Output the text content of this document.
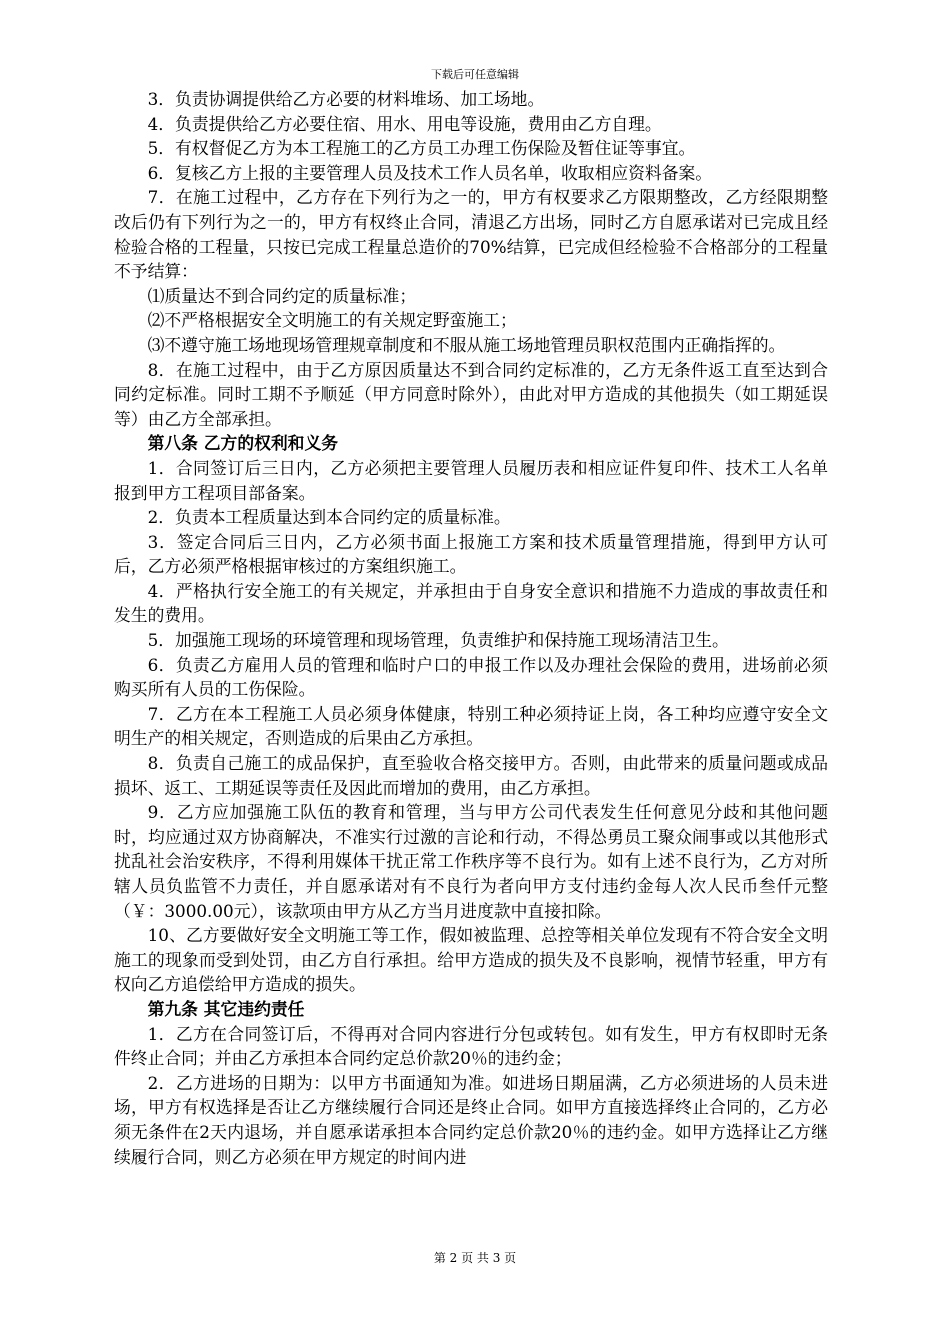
下载后可任意编辑

3．负责协调提供给乙方必要的材料堆场、加工场地。

4．负责提供给乙方必要住宿、用水、用电等设施，费用由乙方自理。

5．有权督促乙方为本工程施工的乙方员工办理工伤保险及暂住证等事宜。

6．复核乙方上报的主要管理人员及技术工作人员名单，收取相应资料备案。

7．在施工过程中，乙方存在下列行为之一的，甲方有权要求乙方限期整改，乙方经限期整改后仍有下列行为之一的，甲方有权终止合同，清退乙方出场，同时乙方自愿承诺对已完成且经检验合格的工程量，只按已完成工程量总造价的70%结算，已完成但经检验不合格部分的工程量不予结算：

⑴质量达不到合同约定的质量标准；

⑵不严格根据安全文明施工的有关规定野蛮施工；

⑶不遵守施工场地现场管理规章制度和不服从施工场地管理员职权范围内正确指挥的。

8．在施工过程中，由于乙方原因质量达不到合同约定标准的，乙方无条件返工直至达到合同约定标准。同时工期不予顺延（甲方同意时除外），由此对甲方造成的其他损失（如工期延误等）由乙方全部承担。

第八条 乙方的权利和义务

1．合同签订后三日内，乙方必须把主要管理人员履历表和相应证件复印件、技术工人名单报到甲方工程项目部备案。

2．负责本工程质量达到本合同约定的质量标准。

3．签定合同后三日内，乙方必须书面上报施工方案和技术质量管理措施，得到甲方认可后，乙方必须严格根据审核过的方案组织施工。

4．严格执行安全施工的有关规定，并承担由于自身安全意识和措施不力造成的事故责任和发生的费用。

5．加强施工现场的环境管理和现场管理，负责维护和保持施工现场清洁卫生。

6．负责乙方雇用人员的管理和临时户口的申报工作以及办理社会保险的费用，进场前必须购买所有人员的工伤保险。

7．乙方在本工程施工人员必须身体健康，特别工种必须持证上岗，各工种均应遵守安全文明生产的相关规定，否则造成的后果由乙方承担。

8．负责自己施工的成品保护，直至验收合格交接甲方。否则，由此带来的质量问题或成品损坏、返工、工期延误等责任及因此而增加的费用，由乙方承担。

9．乙方应加强施工队伍的教育和管理，当与甲方公司代表发生任何意见分歧和其他问题时，均应通过双方协商解决，不准实行过激的言论和行动，不得怂勇员工聚众闹事或以其他形式扰乱社会治安秩序，不得利用媒体干扰正常工作秩序等不良行为。如有上述不良行为，乙方对所辖人员负监管不力责任，并自愿承诺对有不良行为者向甲方支付违约金每人次人民币叁仟元整（￥：3000.00元），该款项由甲方从乙方当月进度款中直接扣除。

10、乙方要做好安全文明施工等工作，假如被监理、总控等相关单位发现有不符合安全文明施工的现象而受到处罚，由乙方自行承担。给甲方造成的损失及不良影响，视情节轻重，甲方有权向乙方追偿给甲方造成的损失。

第九条 其它违约责任

1．乙方在合同签订后，不得再对合同内容进行分包或转包。如有发生，甲方有权即时无条件终止合同；并由乙方承担本合同约定总价款20％的违约金；

2．乙方进场的日期为：以甲方书面通知为准。如进场日期届满，乙方必须进场的人员未进场，甲方有权选择是否让乙方继续履行合同还是终止合同。如甲方直接选择终止合同的，乙方必须无条件在2天内退场，并自愿承诺承担本合同约定总价款20％的违约金。如甲方选择让乙方继续履行合同，则乙方必须在甲方规定的时间内进

第 2 页 共 3 页
